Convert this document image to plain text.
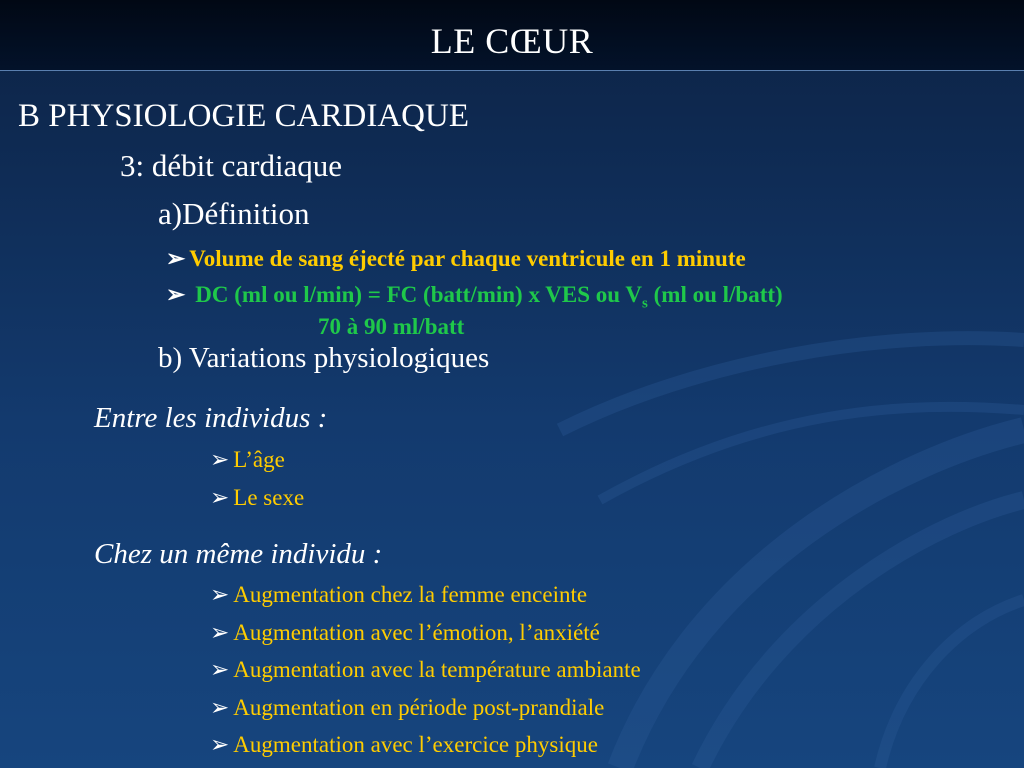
LE CŒUR
B PHYSIOLOGIE CARDIAQUE
3: débit cardiaque
a)Définition
➢ Volume de sang éjecté par chaque ventricule en 1 minute
➢ DC (ml ou l/min) = FC (batt/min) x VES ou $V_s$ (ml ou l/batt)
70 à 90 ml/batt
b) Variations physiologiques
Entre les individus :
➢ L’âge
➢ Le sexe
Chez un même individu :
➢ Augmentation chez la femme enceinte
➢ Augmentation avec l’émotion, l’anxiété
➢ Augmentation avec la température ambiante
➢ Augmentation en période post-prandiale
➢ Augmentation avec l’exercice physique
